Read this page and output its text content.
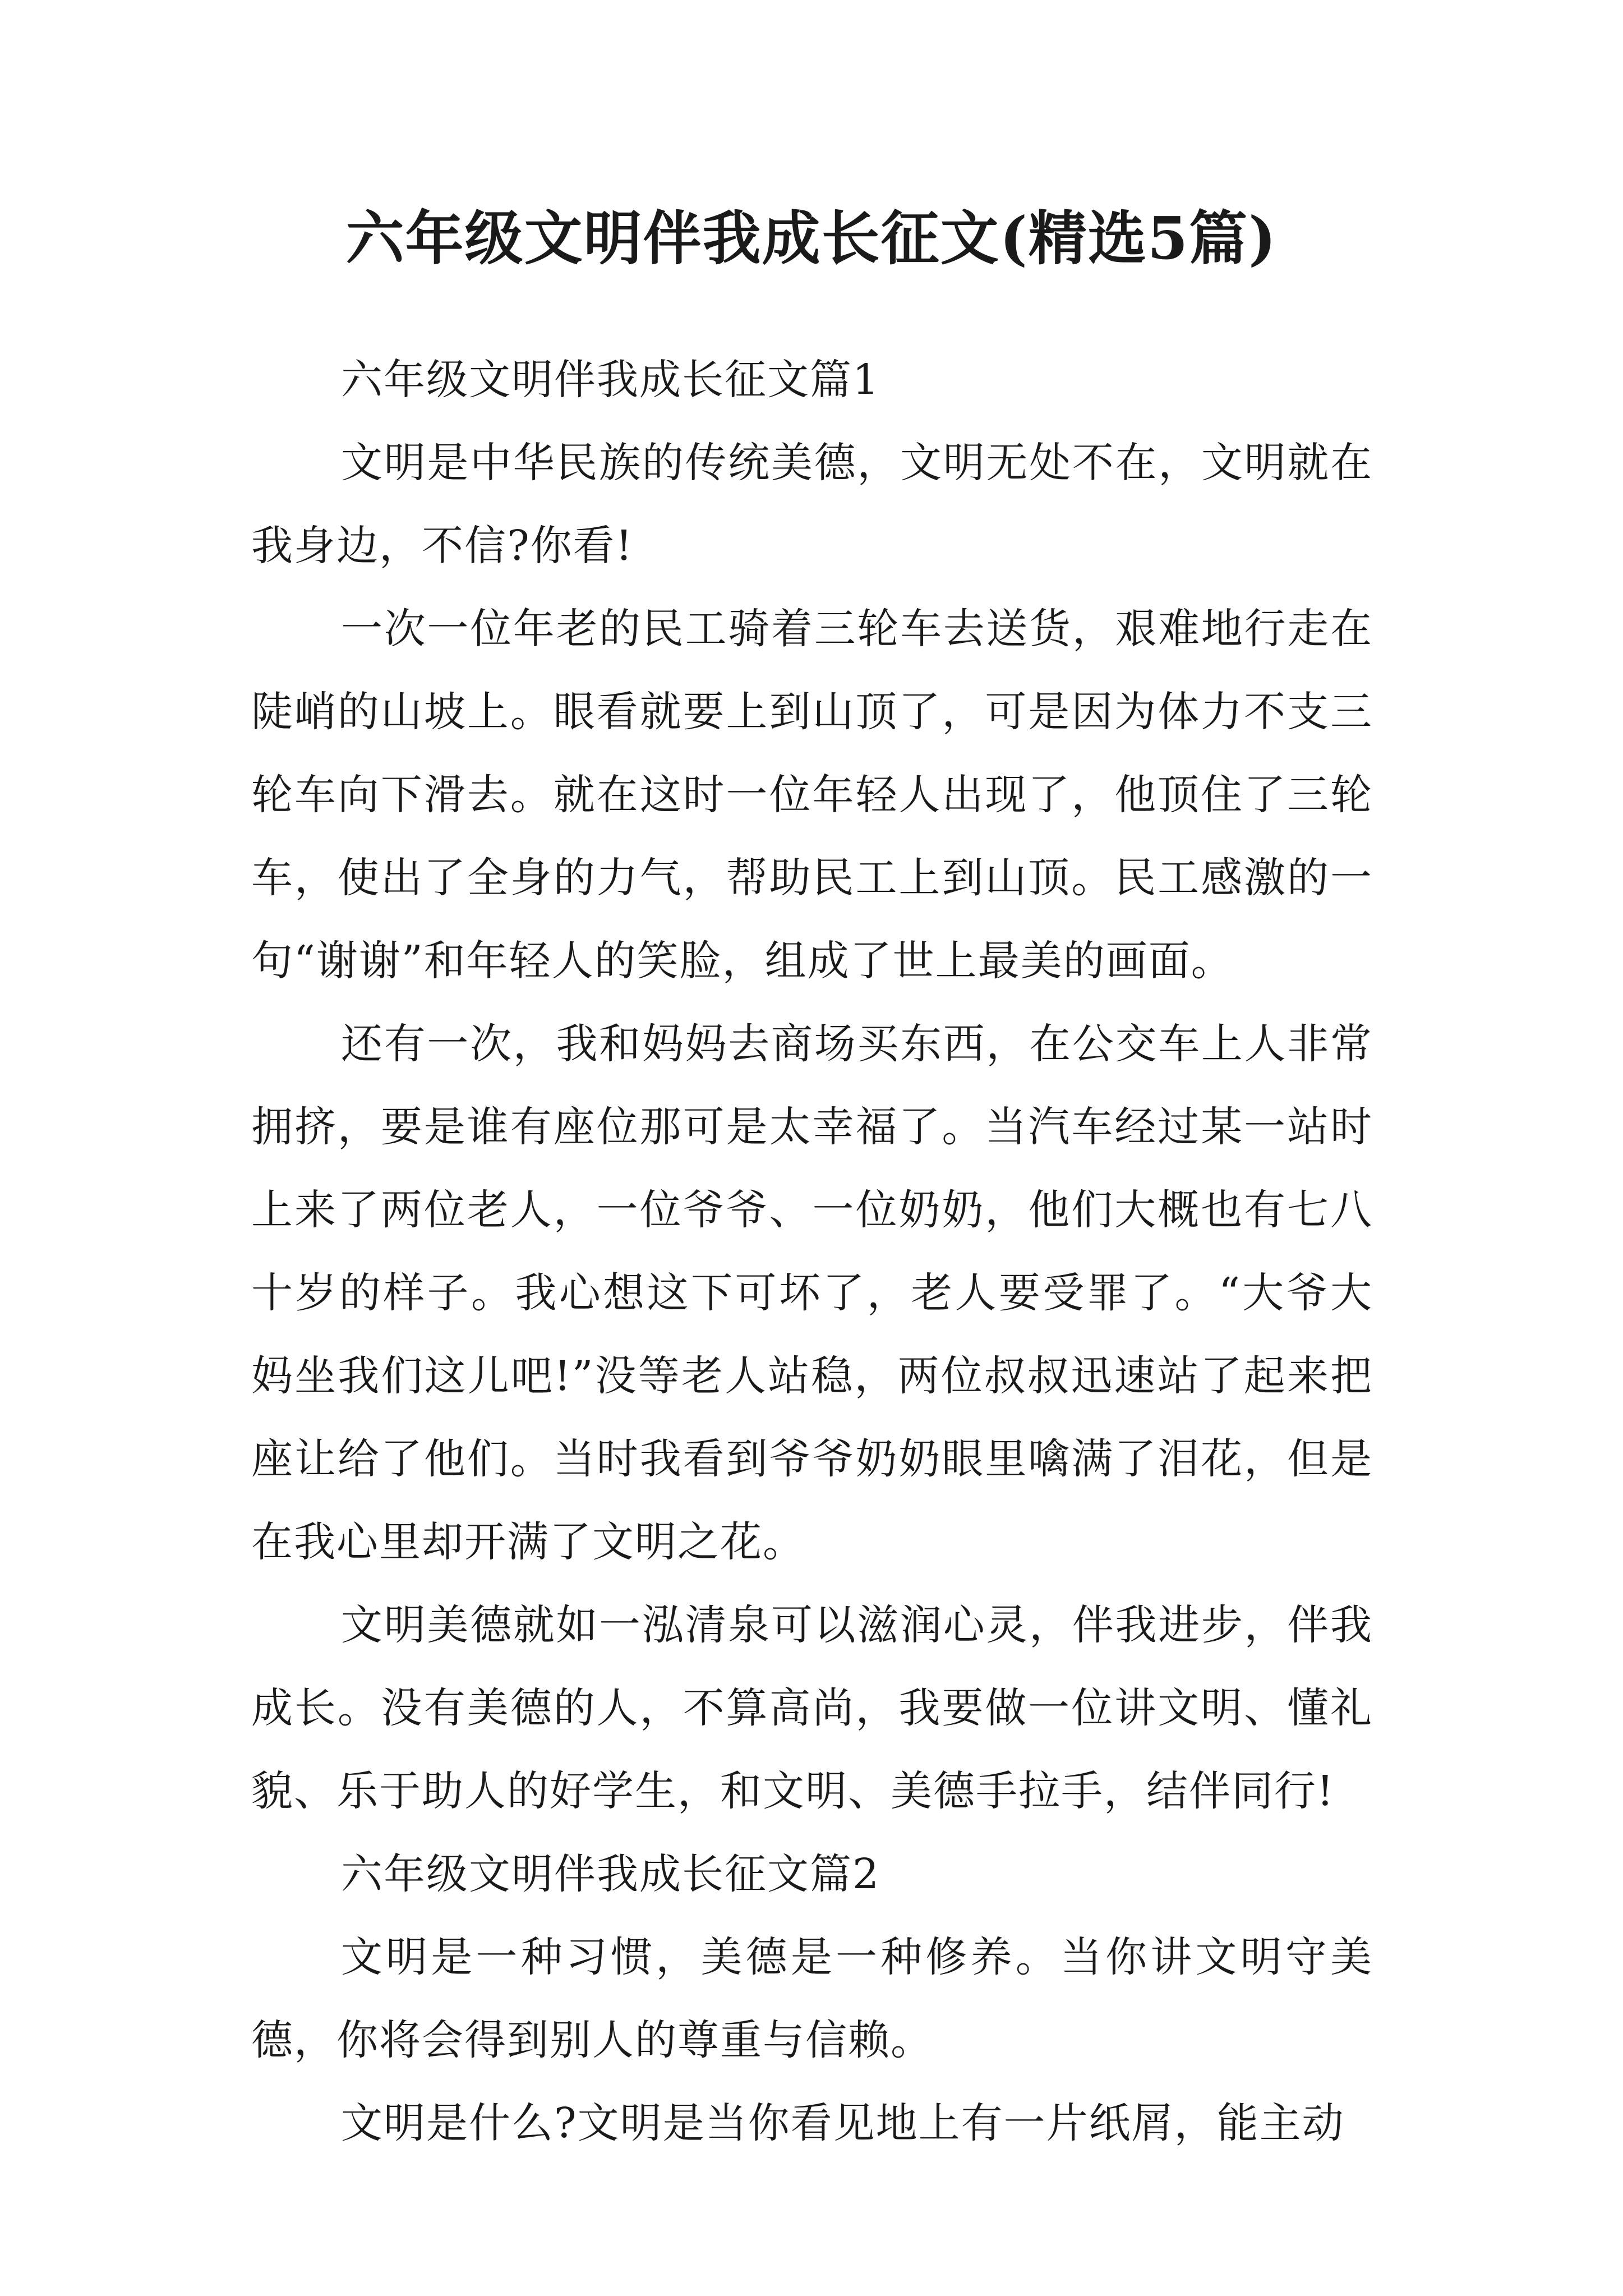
六年级文明伴我成长征文(精选5篇)

六年级文明伴我成长征文篇1

文明是中华民族的传统美德，文明无处不在，文明就在我身边，不信?你看!

一次一位年老的民工骑着三轮车去送货，艰难地行走在陡峭的山坡上。眼看就要上到山顶了，可是因为体力不支三轮车向下滑去。就在这时一位年轻人出现了，他顶住了三轮车，使出了全身的力气，帮助民工上到山顶。民工感激的一句“谢谢”和年轻人的笑脸，组成了世上最美的画面。

还有一次，我和妈妈去商场买东西，在公交车上人非常拥挤，要是谁有座位那可是太幸福了。当汽车经过某一站时上来了两位老人，一位爷爷、一位奶奶，他们大概也有七八十岁的样子。我心想这下可坏了，老人要受罪了。“大爷大妈坐我们这儿吧!”没等老人站稳，两位叔叔迅速站了起来把座让给了他们。当时我看到爷爷奶奶眼里噙满了泪花，但是在我心里却开满了文明之花。

文明美德就如一泓清泉可以滋润心灵，伴我进步，伴我成长。没有美德的人，不算高尚，我要做一位讲文明、懂礼貌、乐于助人的好学生，和文明、美德手拉手，结伴同行!

六年级文明伴我成长征文篇2

文明是一种习惯，美德是一种修养。当你讲文明守美德，你将会得到别人的尊重与信赖。

文明是什么?文明是当你看见地上有一片纸屑，能主动
